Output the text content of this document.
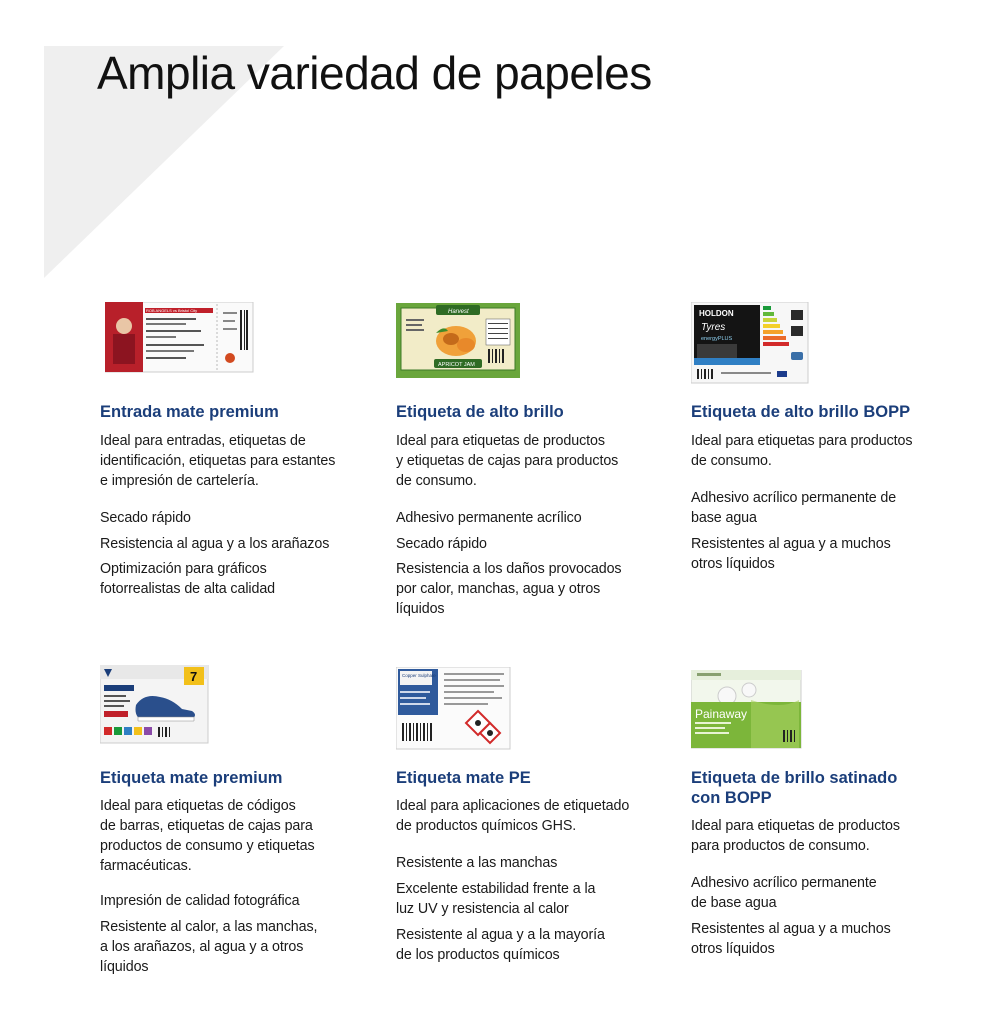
Amplia variedad de papeles
ROB ANGELS vs Bristol City
Entrada mate premium

Ideal para entradas, etiquetas de
identificación, etiquetas para estantes
e impresión de cartelería.

Secado rápido

Resistencia al agua y a los arañazos

Optimización para gráficos
fotorrealistas de alta calidad

Harvest
APRICOT JAM
Etiqueta de alto brillo

Ideal para etiquetas de productos
y etiquetas de cajas para productos
de consumo.

Adhesivo permanente acrílico

Secado rápido

Resistencia a los daños provocados
por calor, manchas, agua y otros
líquidos

HOLDON
Tyres
energyPLUS
Etiqueta de alto brillo BOPP

Ideal para etiquetas para productos
de consumo.

Adhesivo acrílico permanente de
base agua

Resistentes al agua y a muchos
otros líquidos

7
Etiqueta mate premium

Ideal para etiquetas de códigos
de barras, etiquetas de cajas para
productos de consumo y etiquetas
farmacéuticas.

Impresión de calidad fotográfica

Resistente al calor, a las manchas,
a los arañazos, al agua y a otros
líquidos

Copper Sulphate
Etiqueta mate PE

Ideal para aplicaciones de etiquetado
de productos químicos GHS.

Resistente a las manchas

Excelente estabilidad frente a la
luz UV y resistencia al calor

Resistente al agua y a la mayoría
de los productos químicos

Painaway
Etiqueta de brillo satinado
con BOPP

Ideal para etiquetas de productos
para productos de consumo.

Adhesivo acrílico permanente
de base agua

Resistentes al agua y a muchos
otros líquidos
